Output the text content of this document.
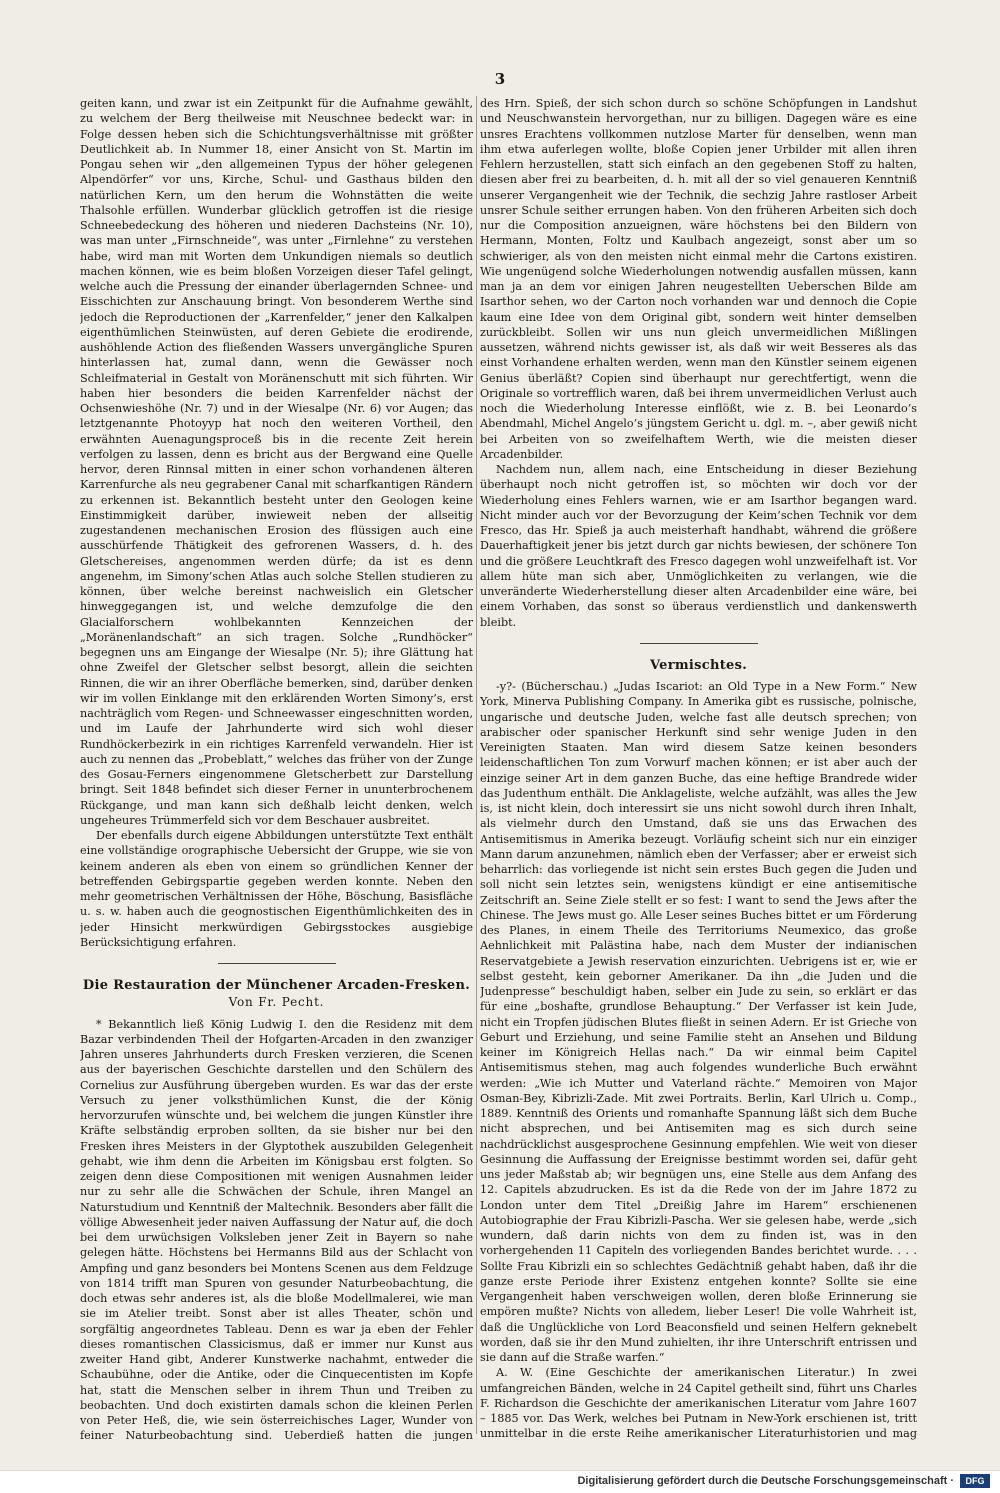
3

geiten kann, und zwar ist ein Zeitpunkt für die Aufnahme gewählt, zu welchem der Berg theilweise mit Neuschnee bedeckt war: in Folge dessen heben sich die Schichtungsverhältnisse mit größter Deutlichkeit ab. In Nummer 18, einer Ansicht von St. Martin im Pongau sehen wir „den allgemeinen Typus der höher gelegenen Alpendörfer“ vor uns, Kirche, Schul- und Gasthaus bilden den natürlichen Kern, um den herum die Wohnstätten die weite Thalsohle erfüllen. Wunderbar glücklich getroffen ist die riesige Schneebedeckung des höheren und niederen Dachsteins (Nr. 10), was man unter „Firnschneide“, was unter „Firnlehne“ zu verstehen habe, wird man mit Worten dem Unkundigen niemals so deutlich machen können, wie es beim bloßen Vorzeigen dieser Tafel gelingt, welche auch die Pressung der einander überlagernden Schnee- und Eisschichten zur Anschauung bringt. Von besonderem Werthe sind jedoch die Reproductionen der „Karrenfelder,“ jener den Kalkalpen eigenthümlichen Steinwüsten, auf deren Gebiete die erodirende, aushöhlende Action des fließenden Wassers unvergängliche Spuren hinterlassen hat, zumal dann, wenn die Gewässer noch Schleifmaterial in Gestalt von Moränenschutt mit sich führten. Wir haben hier besonders die beiden Karrenfelder nächst der Ochsenwieshöhe (Nr. 7) und in der Wiesalpe (Nr. 6) vor Augen; das letztgenannte Photoyyp hat noch den weiteren Vortheil, den erwähnten Auenagungsproceß bis in die recente Zeit herein verfolgen zu lassen, denn es bricht aus der Bergwand eine Quelle hervor, deren Rinnsal mitten in einer schon vorhandenen älteren Karrenfurche als neu gegrabener Canal mit scharfkantigen Rändern zu erkennen ist. Bekanntlich besteht unter den Geologen keine Einstimmigkeit darüber, inwieweit neben der allseitig zugestandenen mechanischen Erosion des flüssigen auch eine ausschürfende Thätigkeit des gefrorenen Wassers, d. h. des Gletschereises, angenommen werden dürfe; da ist es denn angenehm, im Simony’schen Atlas auch solche Stellen studieren zu können, über welche bereinst nachweislich ein Gletscher hinweggegangen ist, und welche demzufolge die den Glacialforschern wohlbekannten Kennzeichen der „Moränenlandschaft“ an sich tragen. Solche „Rundhöcker“ begegnen uns am Eingange der Wiesalpe (Nr. 5); ihre Glättung hat ohne Zweifel der Gletscher selbst besorgt, allein die seichten Rinnen, die wir an ihrer Oberfläche bemerken, sind, darüber denken wir im vollen Einklange mit den erklärenden Worten Simony’s, erst nachträglich vom Regen- und Schneewasser eingeschnitten worden, und im Laufe der Jahrhunderte wird sich wohl dieser Rundhöckerbezirk in ein richtiges Karrenfeld verwandeln. Hier ist auch zu nennen das „Probeblatt,“ welches das früher von der Zunge des Gosau-Ferners eingenommene Gletscherbett zur Darstellung bringt. Seit 1848 befindet sich dieser Ferner in ununterbrochenem Rückgange, und man kann sich deßhalb leicht denken, welch ungeheures Trümmerfeld sich vor dem Beschauer ausbreitet.

Der ebenfalls durch eigene Abbildungen unterstützte Text enthält eine vollständige orographische Uebersicht der Gruppe, wie sie von keinem anderen als eben von einem so gründlichen Kenner der betreffenden Gebirgspartie gegeben werden konnte. Neben den mehr geometrischen Verhältnissen der Höhe, Böschung, Basisfläche u. s. w. haben auch die geognostischen Eigenthümlichkeiten des in jeder Hinsicht merkwürdigen Gebirgsstockes ausgiebige Berücksichtigung erfahren.

Die Restauration der Münchener Arcaden-Fresken.
Von Fr. Pecht.

* Bekanntlich ließ König Ludwig I. den die Residenz mit dem Bazar verbindenden Theil der Hofgarten-Arcaden in den zwanziger Jahren unseres Jahrhunderts durch Fresken verzieren, die Scenen aus der bayerischen Geschichte darstellen und den Schülern des Cornelius zur Ausführung übergeben wurden. Es war das der erste Versuch zu jener volksthümlichen Kunst, die der König hervorzurufen wünschte und, bei welchem die jungen Künstler ihre Kräfte selbständig erproben sollten, da sie bisher nur bei den Fresken ihres Meisters in der Glyptothek auszubilden Gelegenheit gehabt, wie ihm denn die Arbeiten im Königsbau erst folgten. So zeigen denn diese Compositionen mit wenigen Ausnahmen leider nur zu sehr alle die Schwächen der Schule, ihren Mangel an Naturstudium und Kenntniß der Maltechnik. Besonders aber fällt die völlige Abwesenheit jeder naiven Auffassung der Natur auf, die doch bei dem urwüchsigen Volksleben jener Zeit in Bayern so nahe gelegen hätte. Höchstens bei Hermanns Bild aus der Schlacht von Ampfing und ganz besonders bei Montens Scenen aus dem Feldzuge von 1814 trifft man Spuren von gesunder Naturbeobachtung, die doch etwas sehr anderes ist, als die bloße Modellmalerei, wie man sie im Atelier treibt. Sonst aber ist alles Theater, schön und sorgfältig angeordnetes Tableau. Denn es war ja eben der Fehler dieses romantischen Classicismus, daß er immer nur Kunst aus zweiter Hand gibt, Anderer Kunstwerke nachahmt, entweder die Schaubühne, oder die Antike, oder die Cinquecentisten im Kopfe hat, statt die Menschen selber in ihrem Thun und Treiben zu beobachten. Und doch existirten damals schon die kleinen Perlen von Peter Heß, die, wie sein österreichisches Lager, Wunder von feiner Naturbeobachtung sind. Ueberdieß hatten die jungen

des Hrn. Spieß, der sich schon durch so schöne Schöpfungen in Landshut und Neuschwanstein hervorgethan, nur zu billigen. Dagegen wäre es eine unsres Erachtens vollkommen nutzlose Marter für denselben, wenn man ihm etwa auferlegen wollte, bloße Copien jener Urbilder mit allen ihren Fehlern herzustellen, statt sich einfach an den gegebenen Stoff zu halten, diesen aber frei zu bearbeiten, d. h. mit all der so viel genaueren Kenntniß unserer Vergangenheit wie der Technik, die sechzig Jahre rastloser Arbeit unsrer Schule seither errungen haben. Von den früheren Arbeiten sich doch nur die Composition anzueignen, wäre höchstens bei den Bildern von Hermann, Monten, Foltz und Kaulbach angezeigt, sonst aber um so schwieriger, als von den meisten nicht einmal mehr die Cartons existiren. Wie ungenügend solche Wiederholungen notwendig ausfallen müssen, kann man ja an dem vor einigen Jahren neugestellten Ueberschen Bilde am Isarthor sehen, wo der Carton noch vorhanden war und dennoch die Copie kaum eine Idee von dem Original gibt, sondern weit hinter demselben zurückbleibt. Sollen wir uns nun gleich unvermeidlichen Mißlingen aussetzen, während nichts gewisser ist, als daß wir weit Besseres als das einst Vorhandene erhalten werden, wenn man den Künstler seinem eigenen Genius überläßt? Copien sind überhaupt nur gerechtfertigt, wenn die Originale so vortrefflich waren, daß bei ihrem unvermeidlichen Verlust auch noch die Wiederholung Interesse einflößt, wie z. B. bei Leonardo’s Abendmahl, Michel Angelo’s jüngstem Gericht u. dgl. m. –, aber gewiß nicht bei Arbeiten von so zweifelhaftem Werth, wie die meisten dieser Arcadenbilder.

Nachdem nun, allem nach, eine Entscheidung in dieser Beziehung überhaupt noch nicht getroffen ist, so möchten wir doch vor der Wiederholung eines Fehlers warnen, wie er am Isarthor begangen ward. Nicht minder auch vor der Bevorzugung der Keim’schen Technik vor dem Fresco, das Hr. Spieß ja auch meisterhaft handhabt, während die größere Dauerhaftigkeit jener bis jetzt durch gar nichts bewiesen, der schönere Ton und die größere Leuchtkraft des Fresco dagegen wohl unzweifelhaft ist. Vor allem hüte man sich aber, Unmöglichkeiten zu verlangen, wie die unveränderte Wiederherstellung dieser alten Arcadenbilder eine wäre, bei einem Vorhaben, das sonst so überaus verdienstlich und dankenswerth bleibt.

Vermischtes.

-y?- (Bücherschau.) „Judas Iscariot: an Old Type in a New Form.“ New York, Minerva Publishing Company. In Amerika gibt es russische, polnische, ungarische und deutsche Juden, welche fast alle deutsch sprechen; von arabischer oder spanischer Herkunft sind sehr wenige Juden in den Vereinigten Staaten. Man wird diesem Satze keinen besonders leidenschaftlichen Ton zum Vorwurf machen können; er ist aber auch der einzige seiner Art in dem ganzen Buche, das eine heftige Brandrede wider das Judenthum enthält. Die Anklageliste, welche aufzählt, was alles the Jew is, ist nicht klein, doch interessirt sie uns nicht sowohl durch ihren Inhalt, als vielmehr durch den Umstand, daß sie uns das Erwachen des Antisemitismus in Amerika bezeugt. Vorläufig scheint sich nur ein einziger Mann darum anzunehmen, nämlich eben der Verfasser; aber er erweist sich beharrlich: das vorliegende ist nicht sein erstes Buch gegen die Juden und soll nicht sein letztes sein, wenigstens kündigt er eine antisemitische Zeitschrift an. Seine Ziele stellt er so fest: I want to send the Jews after the Chinese. The Jews must go. Alle Leser seines Buches bittet er um Förderung des Planes, in einem Theile des Territoriums Neumexico, das große Aehnlichkeit mit Palästina habe, nach dem Muster der indianischen Reservatgebiete a Jewish reservation einzurichten. Uebrigens ist er, wie er selbst gesteht, kein geborner Amerikaner. Da ihn „die Juden und die Judenpresse“ beschuldigt haben, selber ein Jude zu sein, so erklärt er das für eine „boshafte, grundlose Behauptung.“ Der Verfasser ist kein Jude, nicht ein Tropfen jüdischen Blutes fließt in seinen Adern. Er ist Grieche von Geburt und Erziehung, und seine Familie steht an Ansehen und Bildung keiner im Königreich Hellas nach.“ Da wir einmal beim Capitel Antisemitismus stehen, mag auch folgendes wunderliche Buch erwähnt werden: „Wie ich Mutter und Vaterland rächte.“ Memoiren von Major Osman-Bey, Kibrizli-Zade. Mit zwei Portraits. Berlin, Karl Ulrich u. Comp., 1889. Kenntniß des Orients und romanhafte Spannung läßt sich dem Buche nicht absprechen, und bei Antisemiten mag es sich durch seine nachdrücklichst ausgesprochene Gesinnung empfehlen. Wie weit von dieser Gesinnung die Auffassung der Ereignisse bestimmt worden sei, dafür geht uns jeder Maßstab ab; wir begnügen uns, eine Stelle aus dem Anfang des 12. Capitels abzudrucken. Es ist da die Rede von der im Jahre 1872 zu London unter dem Titel „Dreißig Jahre im Harem“ erschienenen Autobiographie der Frau Kibrizli-Pascha. Wer sie gelesen habe, werde „sich wundern, daß darin nichts von dem zu finden ist, was in den vorhergehenden 11 Capiteln des vorliegenden Bandes berichtet wurde. . . . Sollte Frau Kibrizli ein so schlechtes Gedächtniß gehabt haben, daß ihr die ganze erste Periode ihrer Existenz entgehen konnte? Sollte sie eine Vergangenheit haben verschweigen wollen, deren bloße Erinnerung sie empören mußte? Nichts von alledem, lieber Leser! Die volle Wahrheit ist, daß die Unglückliche von Lord Beaconsfield und seinen Helfern geknebelt worden, daß sie ihr den Mund zuhielten, ihr ihre Unterschrift entrissen und sie dann auf die Straße warfen.“

A. W. (Eine Geschichte der amerikanischen Literatur.) In zwei umfangreichen Bänden, welche in 24 Capitel getheilt sind, führt uns Charles F. Richardson die Geschichte der amerikanischen Literatur vom Jahre 1607 – 1885 vor. Das Werk, welches bei Putnam in New-York erschienen ist, tritt unmittelbar in die erste Reihe amerikanischer Literaturhistorien und mag

Digitalisierung gefördert durch die Deutsche Forschungsgemeinschaft ·	DFG
